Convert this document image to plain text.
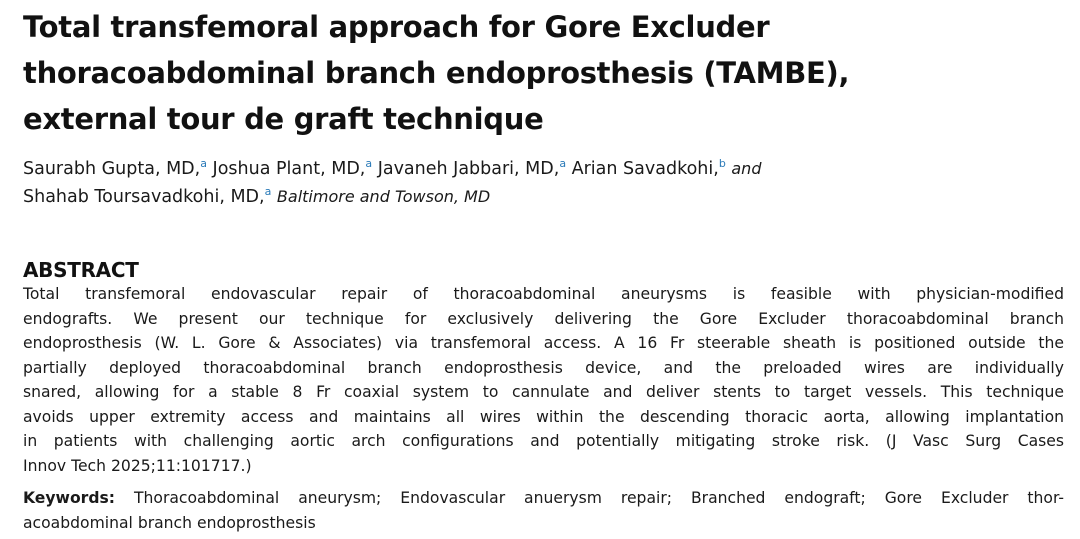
Total transfemoral approach for Gore Excluder
thoracoabdominal branch endoprosthesis (TAMBE),
external tour de graft technique
Saurabh Gupta, MD,$^a$ Joshua Plant, MD,$^a$ Javaneh Jabbari, MD,$^a$ Arian Savadkohi,$^b$ and
Shahab Toursavadkohi, MD,$^a$ Baltimore and Towson, MD
ABSTRACT
Total transfemoral endovascular repair of thoracoabdominal aneurysms is feasible with physician-modified
endografts. We present our technique for exclusively delivering the Gore Excluder thoracoabdominal branch
endoprosthesis (W. L. Gore & Associates) via transfemoral access. A 16 Fr steerable sheath is positioned outside the
partially deployed thoracoabdominal branch endoprosthesis device, and the preloaded wires are individually
snared, allowing for a stable 8 Fr coaxial system to cannulate and deliver stents to target vessels. This technique
avoids upper extremity access and maintains all wires within the descending thoracic aorta, allowing implantation
in patients with challenging aortic arch configurations and potentially mitigating stroke risk. (J Vasc Surg Cases
Innov Tech 2025;11:101717.)
Keywords: Thoracoabdominal aneurysm; Endovascular anuerysm repair; Branched endograft; Gore Excluder thor-
acoabdominal branch endoprosthesis
